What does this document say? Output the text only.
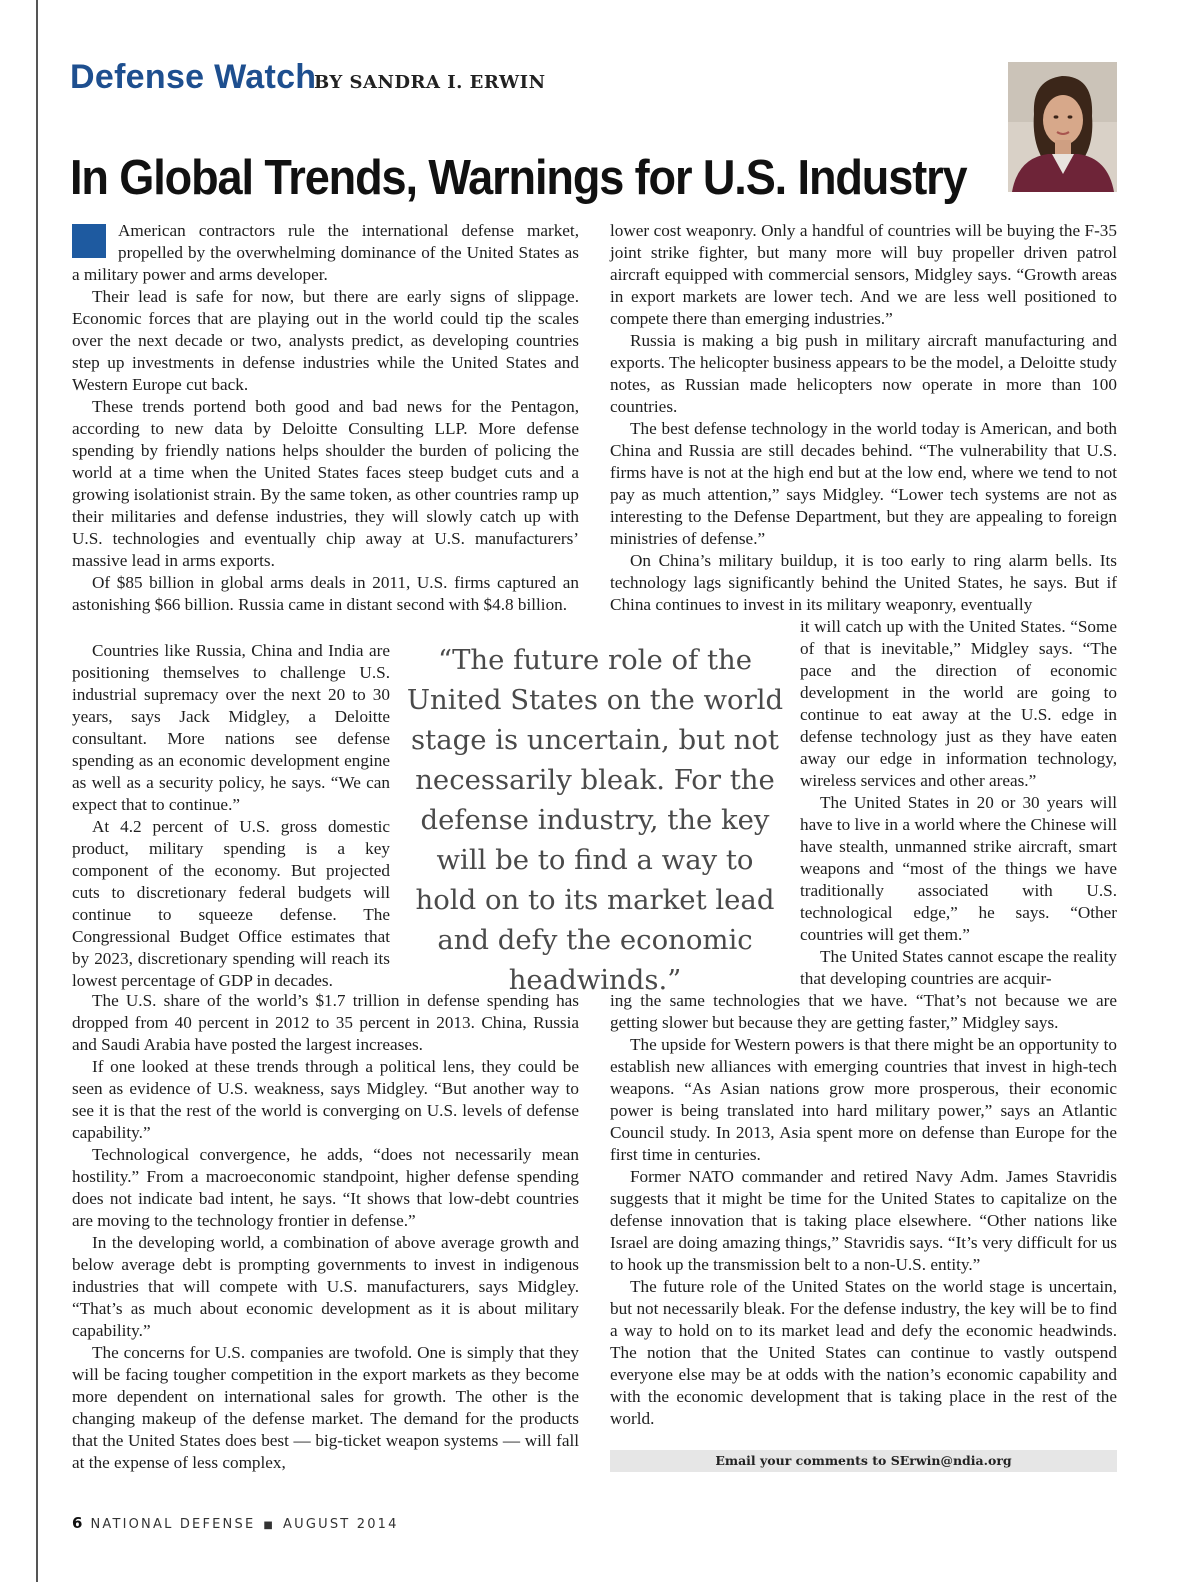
Defense Watch
BY SANDRA I. ERWIN
In Global Trends, Warnings for U.S. Industry

American contractors rule the international defense market, propelled by the overwhelming dominance of the United States as a military power and arms developer.

Their lead is safe for now, but there are early signs of slippage. Economic forces that are playing out in the world could tip the scales over the next decade or two, analysts predict, as developing countries step up investments in defense industries while the United States and Western Europe cut back.

These trends portend both good and bad news for the Pentagon, according to new data by Deloitte Consulting LLP. More defense spending by friendly nations helps shoulder the burden of policing the world at a time when the United States faces steep budget cuts and a growing isolationist strain. By the same token, as other countries ramp up their militaries and defense industries, they will slowly catch up with U.S. technologies and eventually chip away at U.S. manufacturers’ massive lead in arms exports.

Of $85 billion in global arms deals in 2011, U.S. firms captured an astonishing $66 billion. Russia came in distant second with $4.8 billion.

Countries like Russia, China and India are positioning themselves to challenge U.S. industrial supremacy over the next 20 to 30 years, says Jack Midgley, a Deloitte consultant. More nations see defense spending as an economic development engine as well as a security policy, he says. “We can expect that to continue.”

At 4.2 percent of U.S. gross domestic product, military spending is a key component of the economy. But projected cuts to discretionary federal budgets will continue to squeeze defense. The Congressional Budget Office estimates that by 2023, discretionary spending will reach its lowest percentage of GDP in decades.

The U.S. share of the world’s $1.7 trillion in defense spending has dropped from 40 percent in 2012 to 35 percent in 2013. China, Russia and Saudi Arabia have posted the largest increases.

If one looked at these trends through a political lens, they could be seen as evidence of U.S. weakness, says Midgley. “But another way to see it is that the rest of the world is converging on U.S. levels of defense capability.”

Technological convergence, he adds, “does not necessarily mean hostility.” From a macroeconomic standpoint, higher defense spending does not indicate bad intent, he says. “It shows that low-debt countries are moving to the technology frontier in defense.”

In the developing world, a combination of above average growth and below average debt is prompting governments to invest in indigenous industries that will compete with U.S. manufacturers, says Midgley. “That’s as much about economic development as it is about military capability.”

The concerns for U.S. companies are twofold. One is simply that they will be facing tougher competition in the export markets as they become more dependent on international sales for growth. The other is the changing makeup of the defense market. The demand for the products that the United States does best — big-ticket weapon systems — will fall at the expense of less complex,

lower cost weaponry. Only a handful of countries will be buying the F-35 joint strike fighter, but many more will buy propeller driven patrol aircraft equipped with commercial sensors, Midgley says. “Growth areas in export markets are lower tech. And we are less well positioned to compete there than emerging industries.”

Russia is making a big push in military aircraft manufacturing and exports. The helicopter business appears to be the model, a Deloitte study notes, as Russian made helicopters now operate in more than 100 countries.

The best defense technology in the world today is American, and both China and Russia are still decades behind. “The vulnerability that U.S. firms have is not at the high end but at the low end, where we tend to not pay as much attention,” says Midgley. “Lower tech systems are not as interesting to the Defense Department, but they are appealing to foreign ministries of defense.”

On China’s military buildup, it is too early to ring alarm bells. Its technology lags significantly behind the United States, he says. But if China continues to invest in its military weaponry, eventually

it will catch up with the United States. “Some of that is inevitable,” Midgley says. “The pace and the direction of economic development in the world are going to continue to eat away at the U.S. edge in defense technology just as they have eaten away our edge in information technology, wireless services and other areas.”

The United States in 20 or 30 years will have to live in a world where the Chinese will have stealth, unmanned strike aircraft, smart weapons and “most of the things we have traditionally associated with U.S. technological edge,” he says. “Other countries will get them.”

The United States cannot escape the reality that developing countries are acquir-

ing the same technologies that we have. “That’s not because we are getting slower but because they are getting faster,” Midgley says.

The upside for Western powers is that there might be an opportunity to establish new alliances with emerging countries that invest in high-tech weapons. “As Asian nations grow more prosperous, their economic power is being translated into hard military power,” says an Atlantic Council study. In 2013, Asia spent more on defense than Europe for the first time in centuries.

Former NATO commander and retired Navy Adm. James Stavridis suggests that it might be time for the United States to capitalize on the defense innovation that is taking place elsewhere. “Other nations like Israel are doing amazing things,” Stavridis says. “It’s very difficult for us to hook up the transmission belt to a non-U.S. entity.”

The future role of the United States on the world stage is uncertain, but not necessarily bleak. For the defense industry, the key will be to find a way to hold on to its market lead and defy the economic headwinds. The notion that the United States can continue to vastly outspend everyone else may be at odds with the nation’s economic capability and with the economic development that is taking place in the rest of the world.

“The future role of the United States on the world stage is uncertain, but not necessarily bleak. For the defense industry, the key will be to find a way to hold on to its market lead and defy the economic headwinds.”
Email your comments to SErwin@ndia.org
6 NATIONAL DEFENSE ■ AUGUST 2014
